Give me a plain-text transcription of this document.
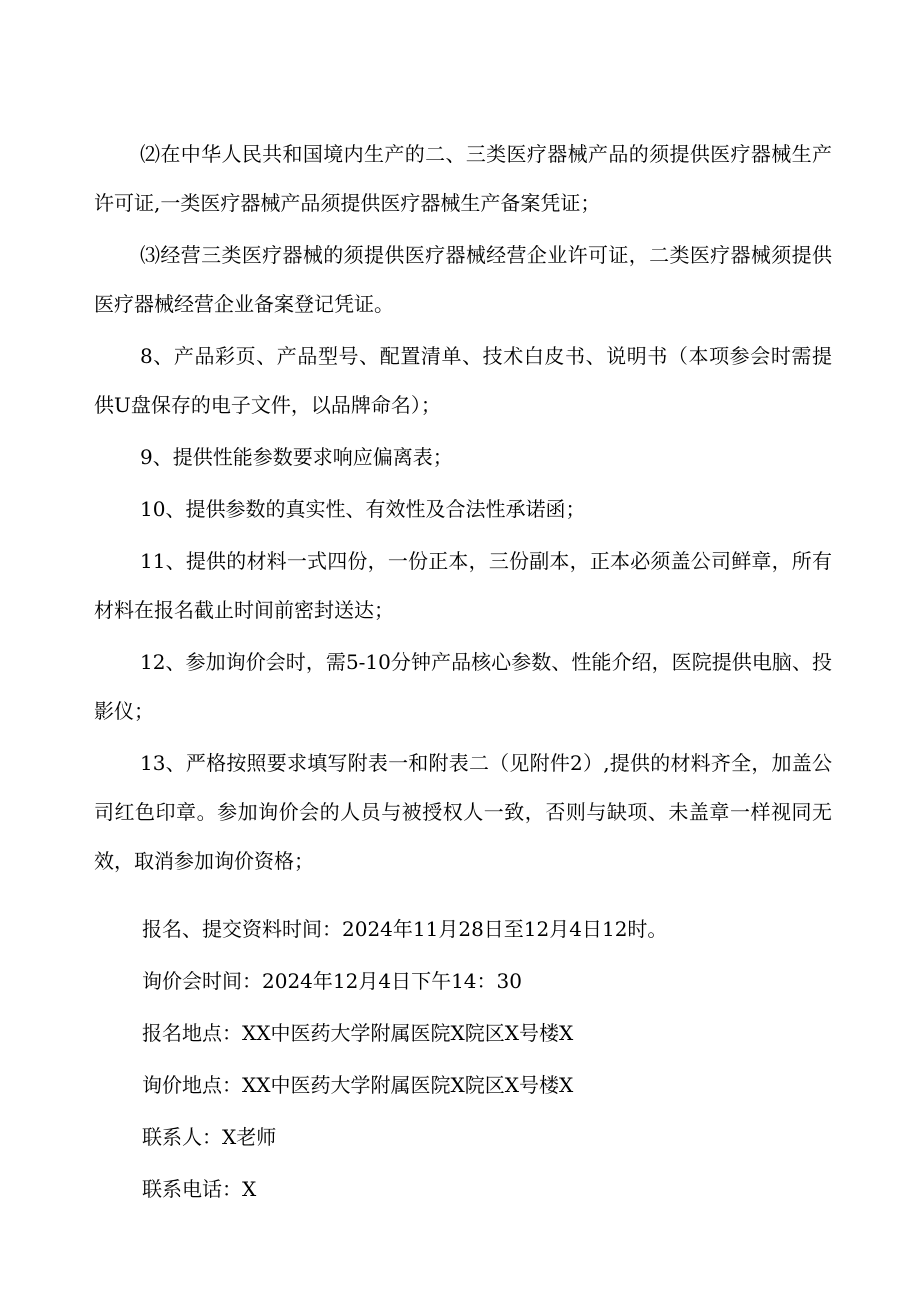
⑵在中华人民共和国境内生产的二、三类医疗器械产品的须提供医疗器械生产许可证,一类医疗器械产品须提供医疗器械生产备案凭证；

⑶经营三类医疗器械的须提供医疗器械经营企业许可证，二类医疗器械须提供医疗器械经营企业备案登记凭证。

8、产品彩页、产品型号、配置清单、技术白皮书、说明书（本项参会时需提供U盘保存的电子文件，以品牌命名）；

9、提供性能参数要求响应偏离表；

10、提供参数的真实性、有效性及合法性承诺函；

11、提供的材料一式四份，一份正本，三份副本，正本必须盖公司鲜章，所有材料在报名截止时间前密封送达；

12、参加询价会时，需5-10分钟产品核心参数、性能介绍，医院提供电脑、投影仪；

13、严格按照要求填写附表一和附表二（见附件2）,提供的材料齐全，加盖公司红色印章。参加询价会的人员与被授权人一致，否则与缺项、未盖章一样视同无效，取消参加询价资格；

报名、提交资料时间：2024年11月28日至12月4日12时。
询价会时间：2024年12月4日下午14：30
报名地点：XX中医药大学附属医院X院区X号楼X
询价地点：XX中医药大学附属医院X院区X号楼X
联系人：X老师
联系电话：X
